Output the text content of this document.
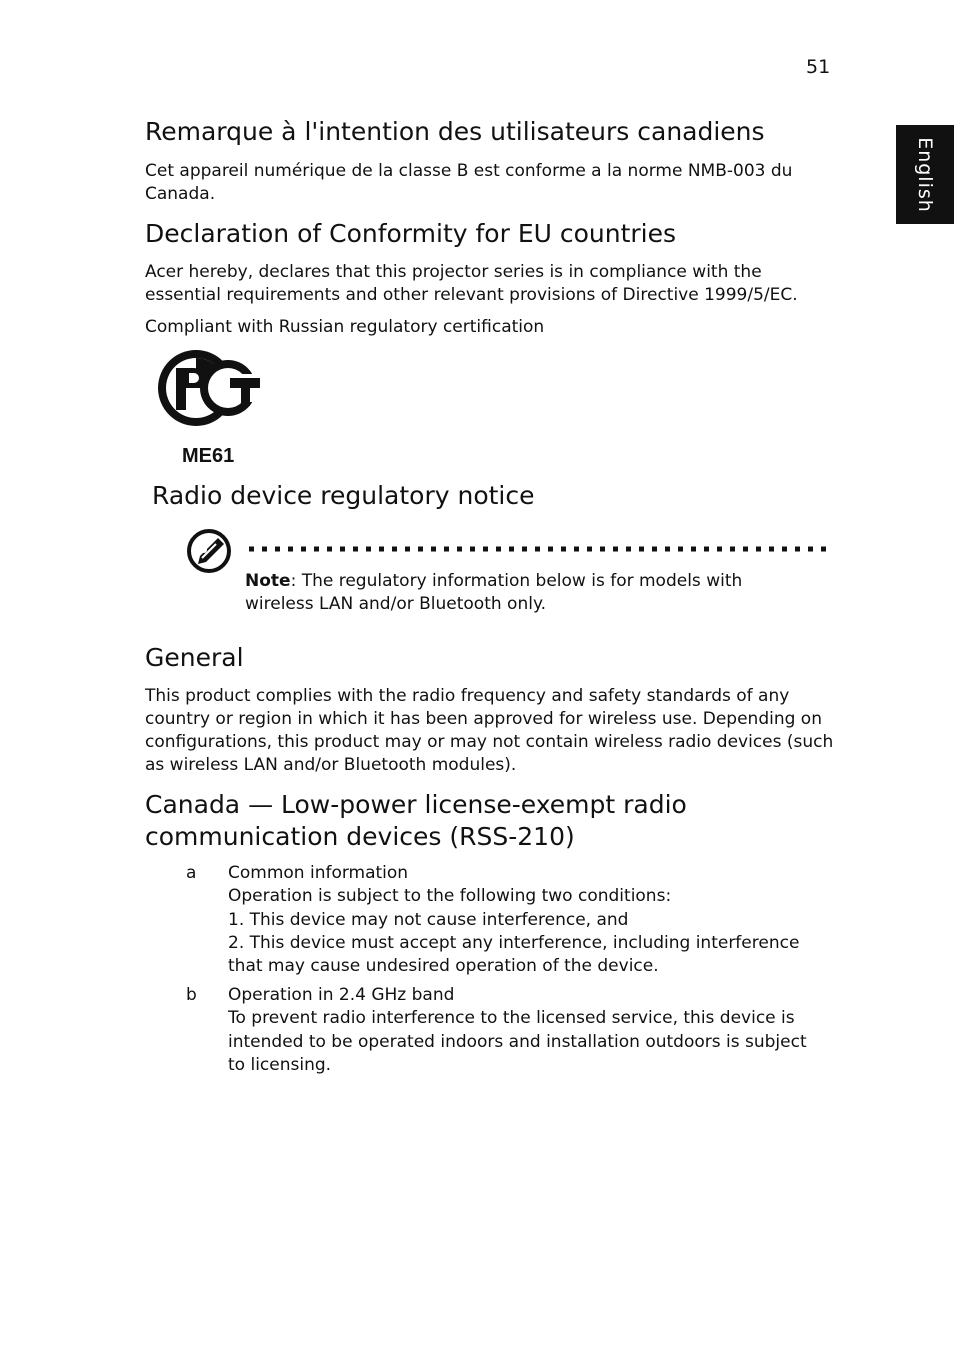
51
English
Remarque à l'intention des utilisateurs canadiens

Cet appareil numérique de la classe B est conforme a la norme NMB-003 du
Canada.

Declaration of Conformity for EU countries

Acer hereby, declares that this projector series is in compliance with the
essential requirements and other relevant provisions of Directive 1999/5/EC.

Compliant with Russian regulatory certification

ME61
Radio device regulatory notice

Note: The regulatory information below is for models with
wireless LAN and/or Bluetooth only.

General

This product complies with the radio frequency and safety standards of any
country or region in which it has been approved for wireless use. Depending on
configurations, this product may or may not contain wireless radio devices (such
as wireless LAN and/or Bluetooth modules).

Canada — Low-power license-exempt radio
communication devices (RSS-210)
a Common information
Operation is subject to the following two conditions:
1. This device may not cause interference, and
2. This device must accept any interference, including interference
that may cause undesired operation of the device.
b Operation in 2.4 GHz band
To prevent radio interference to the licensed service, this device is
intended to be operated indoors and installation outdoors is subject
to licensing.
